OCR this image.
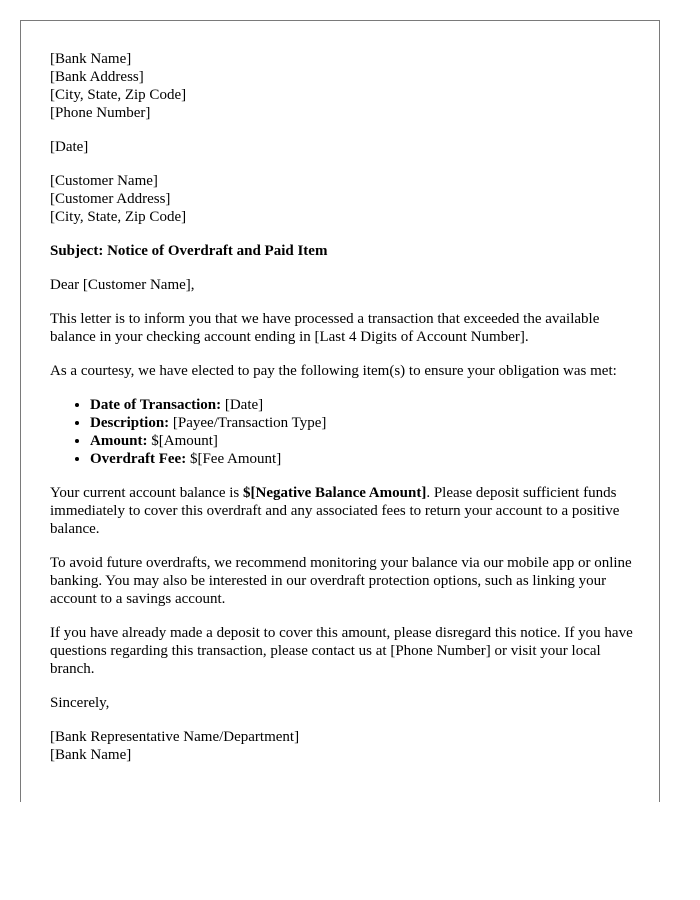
[Bank Name]
[Bank Address]
[City, State, Zip Code]
[Phone Number]
[Date]
[Customer Name]
[Customer Address]
[City, State, Zip Code]
Subject: Notice of Overdraft and Paid Item
Dear [Customer Name],
This letter is to inform you that we have processed a transaction that exceeded the available balance in your checking account ending in [Last 4 Digits of Account Number].
As a courtesy, we have elected to pay the following item(s) to ensure your obligation was met:
• Date of Transaction: [Date]
• Description: [Payee/Transaction Type]
• Amount: $[Amount]
• Overdraft Fee: $[Fee Amount]
Your current account balance is $[Negative Balance Amount]. Please deposit sufficient funds immediately to cover this overdraft and any associated fees to return your account to a positive balance.
To avoid future overdrafts, we recommend monitoring your balance via our mobile app or online banking. You may also be interested in our overdraft protection options, such as linking your account to a savings account.
If you have already made a deposit to cover this amount, please disregard this notice. If you have questions regarding this transaction, please contact us at [Phone Number] or visit your local branch.
Sincerely,
[Bank Representative Name/Department]
[Bank Name]
